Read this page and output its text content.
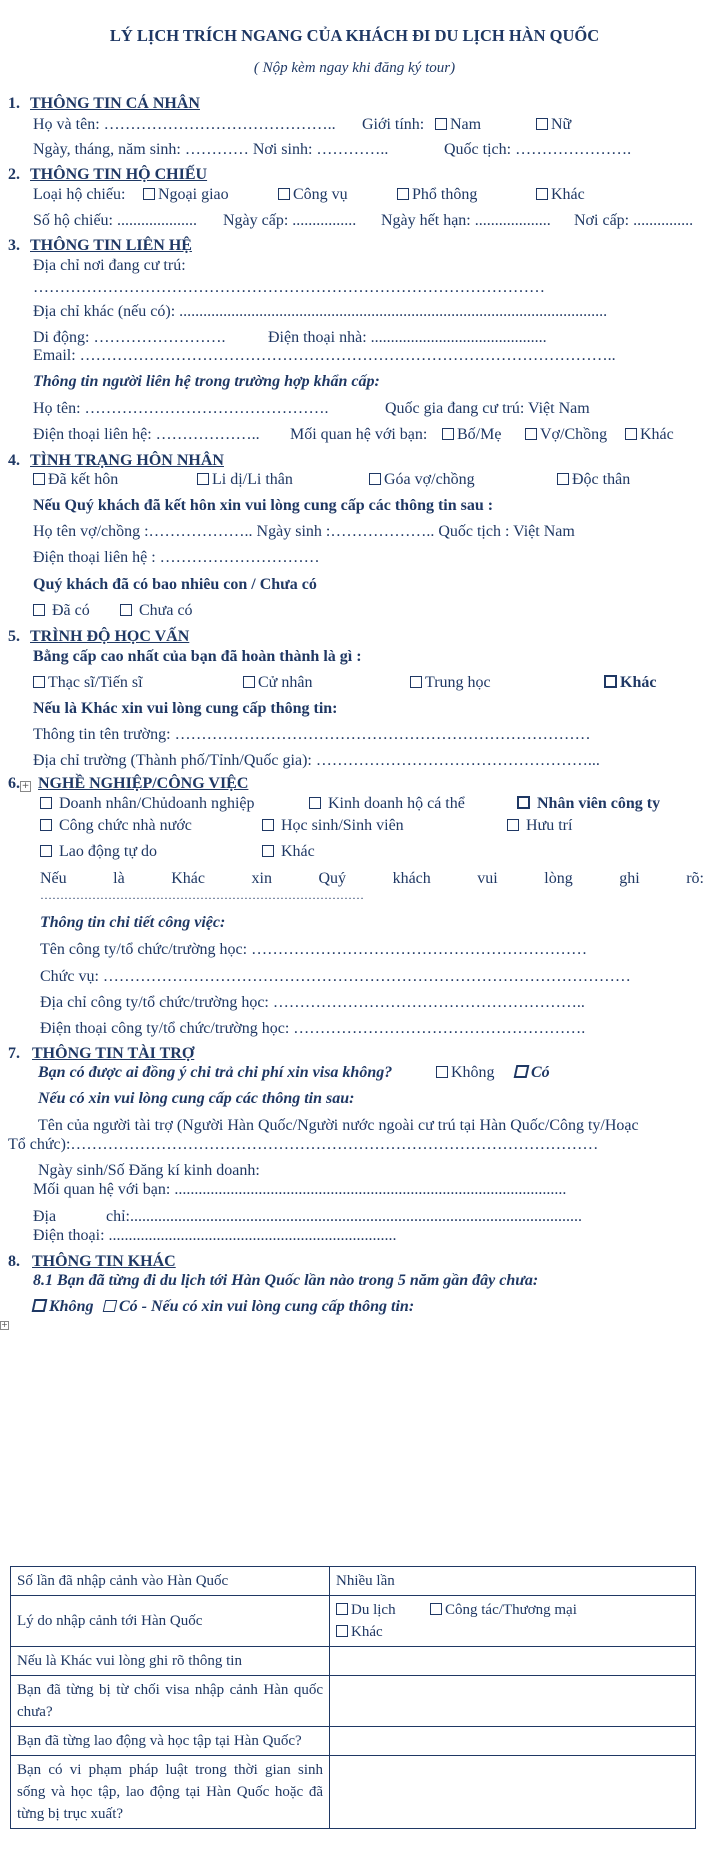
LÝ LỊCH TRÍCH NGANG CỦA KHÁCH ĐI DU LỊCH HÀN QUỐC
( Nộp kèm ngay khi đăng ký tour)
1. THÔNG TIN CÁ NHÂN
Họ và tên: …………………………………….. Giới tính:	Nam	Nữ
Ngày, tháng, năm sinh: ………… Nơi sinh: …………..	Quốc tịch: ………………….
2. THÔNG TIN HỘ CHIẾU
Loại hộ chiếu:	Ngoại giao	Công vụ	Phổ thông	Khác
Số hộ chiếu: .................... Ngày cấp: ................ Ngày hết hạn: ................... Nơi cấp: ...............
3. THÔNG TIN LIÊN HỆ
Địa chỉ nơi đang cư trú:
……………………………………………………………………………………
Địa chỉ khác (nếu có): ...........................................................................................................
Di động: …………………….	Điện thoại nhà: ............................................
Email: ………………………………………………………………………………………..
Thông tin người liên hệ trong trường hợp khẩn cấp:
Họ tên: ……………………………………….	Quốc gia đang cư trú: Việt Nam
Điện thoại liên hệ: ……………….. Mối quan hệ với bạn:	Bố/Mẹ	Vợ/Chồng	Khác
4. TÌNH TRẠNG HÔN NHÂN
Đã kết hôn	Li dị/Li thân	Góa vợ/chồng	Độc thân
Nếu Quý khách đã kết hôn xin vui lòng cung cấp các thông tin sau :
Họ tên vợ/chồng :……………….. Ngày sinh :……………….. Quốc tịch : Việt Nam
Điện thoại liên hệ : …………………………
Quý khách đã có bao nhiêu con / Chưa có
Đã có	Chưa có
5. TRÌNH ĐỘ HỌC VẤN
Bằng cấp cao nhất của bạn đã hoàn thành là gì :
Thạc sĩ/Tiến sĩ	Cử nhân	Trung học	Khác
Nếu là Khác xin vui lòng cung cấp thông tin:
Thông tin tên trường: ……………………………………………………………………
Địa chỉ trường (Thành phố/Tỉnh/Quốc gia): ……………………………………………...
6. + NGHỀ NGHIỆP/CÔNG VIỆC
Doanh nhân/Chủdoanh nghiệp	Kinh doanh hộ cá thể	Nhân viên công ty
Công chức nhà nước	Học sinh/Sinh viên	Hưu trí
Lao động tự do	Khác
Nếu	là	Khác	xin	Quý	khách	vui	lòng	ghi	rõ:
………………………………………………………………………
Thông tin chi tiết công việc:
Tên công ty/tổ chức/trường học: ………………………………………………………
Chức vụ: ………………………………………………………………………………………
Địa chỉ công ty/tổ chức/trường học: …………………………………………………..
Điện thoại công ty/tổ chức/trường học: ……………………………………………….
7. THÔNG TIN TÀI TRỢ
Bạn có được ai đồng ý chi trả chi phí xin visa không?	Không	Có
Nếu có xin vui lòng cung cấp các thông tin sau:
Tên của người tài trợ (Người Hàn Quốc/Người nước ngoài cư trú tại Hàn Quốc/Công ty/Hoạc
Tổ chức):………………………………………………………………………………………
Ngày sinh/Số Đăng kí kinh doanh:
Mối quan hệ với bạn: ..................................................................................................
Địa	chỉ:.................................................................................................................
Điện thoại: ........................................................................
8. THÔNG TIN KHÁC
8.1 Bạn đã từng đi du lịch tới Hàn Quốc lần nào trong 5 năm gần đây chưa:
Không	Có - Nếu có xin vui lòng cung cấp thông tin:
+
Số lần đã nhập cảnh vào Hàn Quốc	Nhiều lần
Lý do nhập cảnh tới Hàn Quốc	Du lịch Công tác/Thương mại
Khác

Nếu là Khác vui lòng ghi rõ thông tin	
Bạn đã từng bị từ chối visa nhập cảnh Hàn quốc chưa?	
Bạn đã từng lao động và học tập tại Hàn Quốc?	
Bạn có vi phạm pháp luật trong thời gian sinh sống và học tập, lao động tại Hàn Quốc hoặc đã từng bị trục xuất?	
